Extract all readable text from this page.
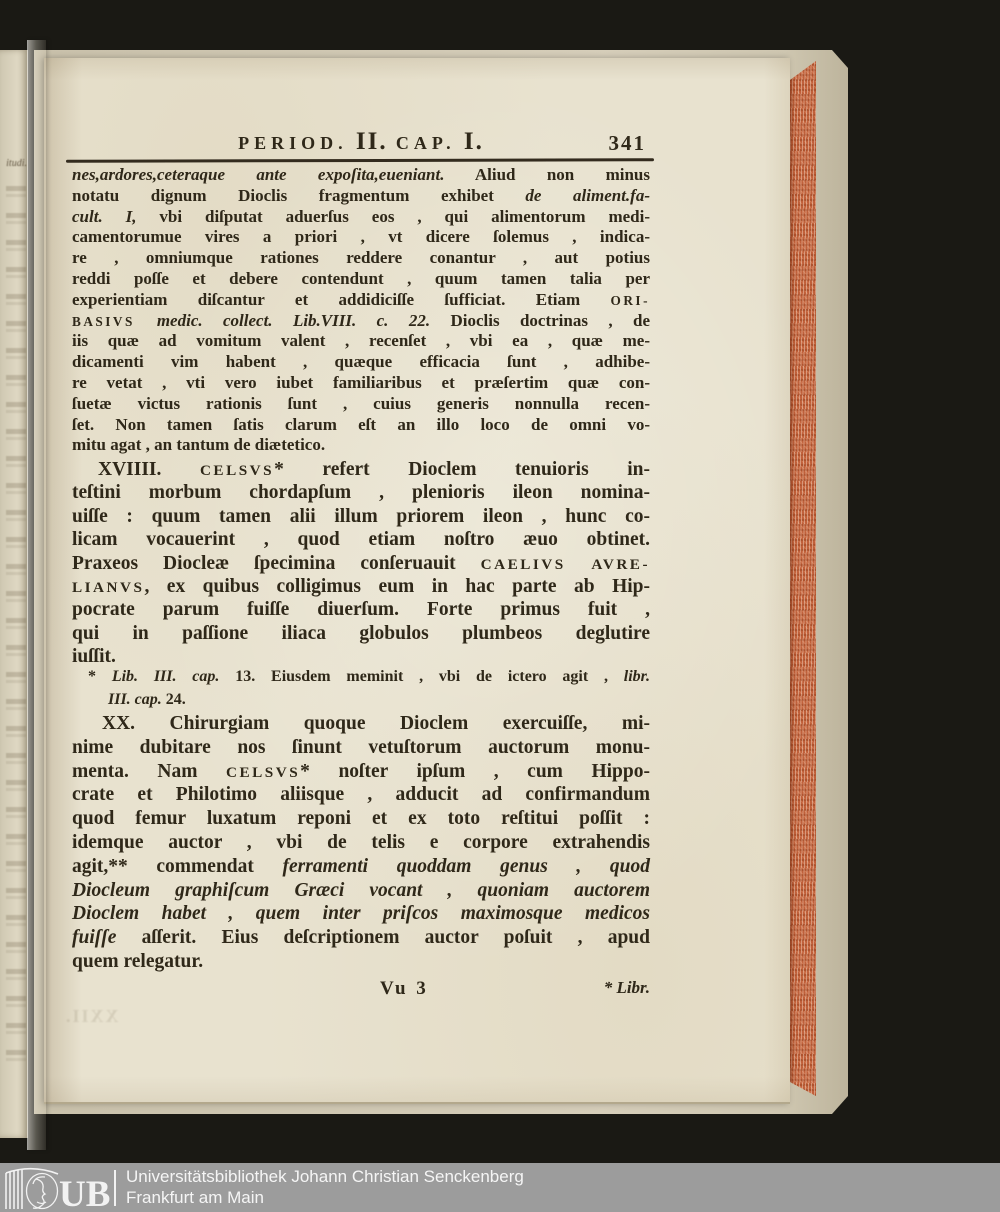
itudi.
PERIOD. II. CAP. I.	341
nes,ardores,ceteraque ante expoſita,eueniant. Aliud non minus
notatu dignum Dioclis fragmentum exhibet de aliment.fa-
cult. I, vbi diſputat aduerſus eos , qui alimentorum medi-
camentorumue vires a priori , vt dicere ſolemus , indica-
re , omniumque rationes reddere conantur , aut potius
reddi poſſe et debere contendunt , quum tamen talia per
experientiam diſcantur et addidiciſſe ſufficiat. Etiam ORI-
BASIVS medic. collect. Lib.VIII. c. 22. Dioclis doctrinas , de
iis quæ ad vomitum valent , recenſet , vbi ea , quæ me-
dicamenti vim habent , quæque efficacia ſunt , adhibe-
re vetat , vti vero iubet familiaribus et præſertim quæ con-
ſuetæ victus rationis ſunt , cuius generis nonnulla recen-
ſet. Non tamen ſatis clarum eſt an illo loco de omni vo-
mitu agat , an tantum de diætetico.
XVIIII. CELSVS* refert Dioclem tenuioris in-
teſtini morbum chordapſum , plenioris ileon nomina-
uiſſe : quum tamen alii illum priorem ileon , hunc co-
licam vocauerint , quod etiam noſtro æuo obtinet.
Praxeos Diocleæ ſpecimina conſeruauit CAELIVS AVRE-
LIANVS, ex quibus colligimus eum in hac parte ab Hip-
pocrate parum fuiſſe diuerſum. Forte primus fuit ,
qui in paſſione iliaca globulos plumbeos deglutire
iuſſit.
* Lib. III. cap. 13. Eiusdem meminit , vbi de ictero agit , libr.
III. cap. 24.
XX. Chirurgiam quoque Dioclem exercuiſſe, mi-
nime dubitare nos ſinunt vetuſtorum auctorum monu-
menta. Nam CELSVS* noſter ipſum , cum Hippo-
crate et Philotimo aliisque , adducit ad confirmandum
quod femur luxatum reponi et ex toto reſtitui poſſit :
idemque auctor , vbi de telis e corpore extrahendis
agit,** commendat ferramenti quoddam genus , quod
Diocleum graphiſcum Græci vocant , quoniam auctorem
Dioclem habet , quem inter priſcos maximosque medicos
fuiſſe aſſerit. Eius deſcriptionem auctor poſuit , apud
quem relegatur.
Vu 3	* Libr.
XXII.
UB Universitätsbibliothek Johann Christian Senckenberg
Frankfurt am Main
